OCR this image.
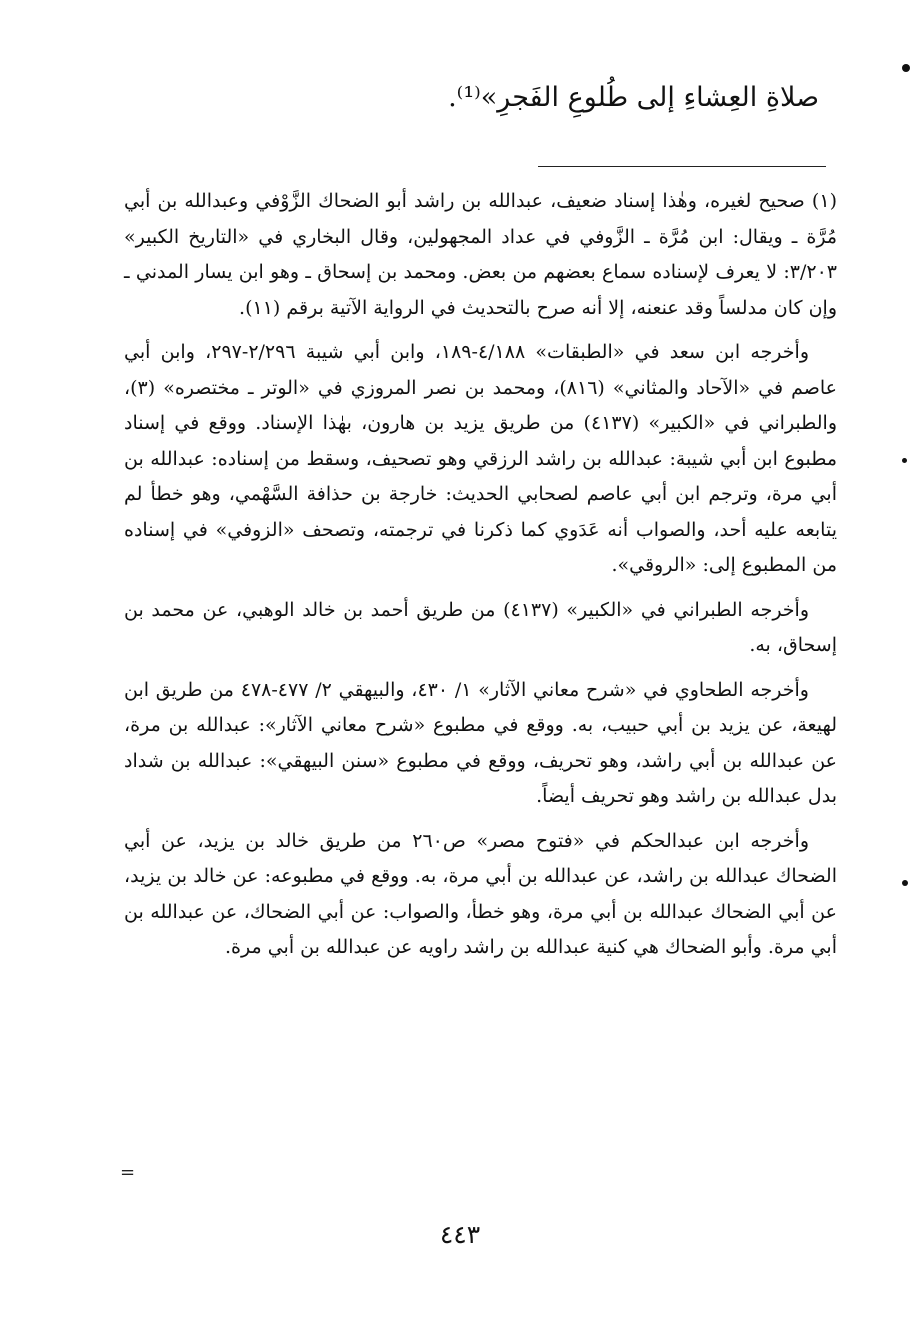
صلاةِ العِشاءِ إلى طُلوعِ الفَجرِ»⁽¹⁾.

(١) صحيح لغيره، وهٰذا إسناد ضعيف، عبدالله بن راشد أبو الضحاك الزَّوْفي وعبدالله بن أبي مُرَّة ـ ويقال: ابن مُرَّة ـ الزَّوفي في عداد المجهولين، وقال البخاري في «التاريخ الكبير» ٣/٢٠٣: لا يعرف لإسناده سماع بعضهم من بعض. ومحمد بن إسحاق ـ وهو ابن يسار المدني ـ وإن كان مدلساً وقد عنعنه، إلا أنه صرح بالتحديث في الرواية الآتية برقم (١١).

وأخرجه ابن سعد في «الطبقات» ٤/١٨٨-١٨٩، وابن أبي شيبة ٢/٢٩٦-٢٩٧، وابن أبي عاصم في «الآحاد والمثاني» (٨١٦)، ومحمد بن نصر المروزي في «الوتر ـ مختصره» (٣)، والطبراني في «الكبير» (٤١٣٧) من طريق يزيد بن هارون، بهٰذا الإسناد. ووقع في إسناد مطبوع ابن أبي شيبة: عبدالله بن راشد الرزقي وهو تصحيف، وسقط من إسناده: عبدالله بن أبي مرة، وترجم ابن أبي عاصم لصحابي الحديث: خارجة بن حذافة السَّهْمي، وهو خطأ لم يتابعه عليه أحد، والصواب أنه عَدَوي كما ذكرنا في ترجمته، وتصحف «الزوفي» في إسناده من المطبوع إلى: «الروقي».

وأخرجه الطبراني في «الكبير» (٤١٣٧) من طريق أحمد بن خالد الوهبي، عن محمد بن إسحاق، به.

وأخرجه الطحاوي في «شرح معاني الآثار» ١/ ٤٣٠، والبيهقي ٢/ ٤٧٧-٤٧٨ من طريق ابن لهيعة، عن يزيد بن أبي حبيب، به. ووقع في مطبوع «شرح معاني الآثار»: عبدالله بن مرة، عن عبدالله بن أبي راشد، وهو تحريف، ووقع في مطبوع «سنن البيهقي»: عبدالله بن شداد بدل عبدالله بن راشد وهو تحريف أيضاً.

وأخرجه ابن عبدالحكم في «فتوح مصر» ص٢٦٠ من طريق خالد بن يزيد، عن أبي الضحاك عبدالله بن راشد، عن عبدالله بن أبي مرة، به. ووقع في مطبوعه: عن خالد بن يزيد، عن أبي الضحاك عبدالله بن أبي مرة، وهو خطأ، والصواب: عن أبي الضحاك، عن عبدالله بن أبي مرة. وأبو الضحاك هي كنية عبدالله بن راشد راويه عن عبدالله بن أبي مرة.

=
٤٤٣
